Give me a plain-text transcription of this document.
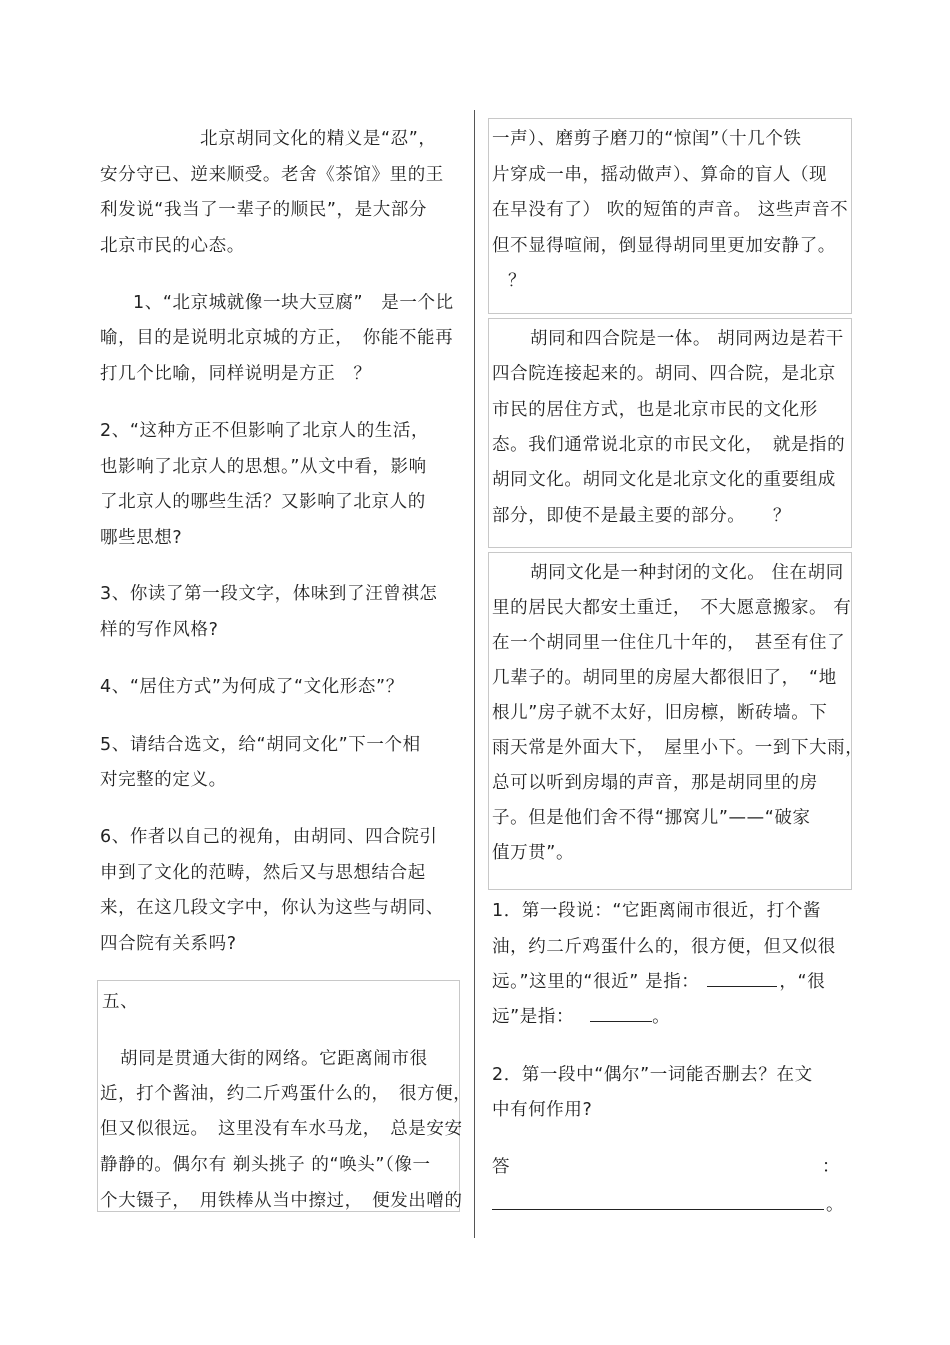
北京胡同文化的精义是“忍”，

安分守已、逆来顺受。老舍《茶馆》里的王

利发说“我当了一辈子的顺民”，是大部分

北京市民的心态。

1、“北京城就像一块大豆腐”　是一个比

喻，目的是说明北京城的方正，　你能不能再

打几个比喻，同样说明是方正　？

2、“这种方正不但影响了北京人的生活，

也影响了北京人的思想。”从文中看，影响

了北京人的哪些生活？又影响了北京人的

哪些思想?

3、你读了第一段文字，体味到了汪曾祺怎

样的写作风格?

4、“居住方式”为何成了“文化形态”？

5、请结合选文，给“胡同文化”下一个相

对完整的定义。

6、作者以自己的视角，由胡同、四合院引

申到了文化的范畴，然后又与思想结合起

来，在这几段文字中，你认为这些与胡同、

四合院有关系吗?

五、

胡同是贯通大街的网络。它距离闹市很

近，打个酱油，约二斤鸡蛋什么的，　很方便，

但又似很远。　这里没有车水马龙，　总是安安

静静的。偶尔有 剃头挑子 的“唤头”（像一

个大镊子，　用铁棒从当中擦过，　便发出噌的

一声）、磨剪子磨刀的“惊闺”（十几个铁

片穿成一串，摇动做声）、算命的盲人（现

在早没有了） 吹的短笛的声音。 这些声音不

但不显得喧闹，倒显得胡同里更加安静了。

？

胡同和四合院是一体。 胡同两边是若干

四合院连接起来的。胡同、四合院，是北京

市民的居住方式，也是北京市民的文化形

态。我们通常说北京的市民文化，　就是指的

胡同文化。胡同文化是北京文化的重要组成

部分，即使不是最主要的部分。　　？

胡同文化是一种封闭的文化。 住在胡同

里的居民大都安土重迁，　不大愿意搬家。 有

在一个胡同里一住住几十年的，　甚至有住了

几辈子的。胡同里的房屋大都很旧了，　“地

根儿”房子就不太好，旧房檩，断砖墙。下

雨天常是外面大下，　屋里小下。一到下大雨，

总可以听到房塌的声音，那是胡同里的房

子。但是他们舍不得“挪窝儿”——“破家

值万贯”。

1．第一段说：“它距离闹市很近，打个酱

油，约二斤鸡蛋什么的，很方便，但又似很

远。”这里的“很近” 是指：	，“很

远”是指：	。

2．第一段中“偶尔”一词能否删去？在文

中有何作用?

答	：

。
